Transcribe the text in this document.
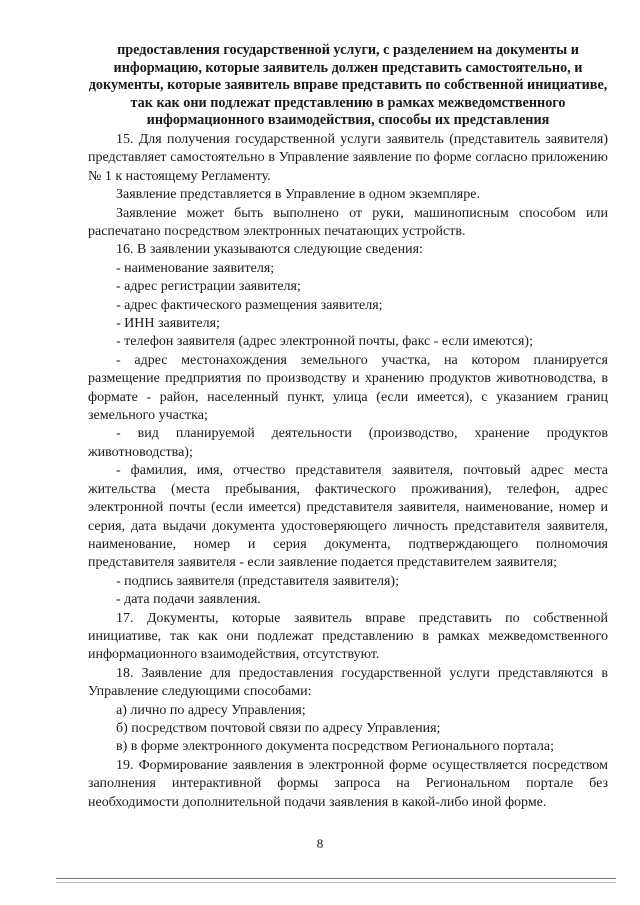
предоставления государственной услуги, с разделением на документы и информацию, которые заявитель должен представить самостоятельно, и документы, которые заявитель вправе представить по собственной инициативе, так как они подлежат представлению в рамках межведомственного информационного взаимодействия, способы их представления

15. Для получения государственной услуги заявитель (представитель заявителя) представляет самостоятельно в Управление заявление по форме согласно приложению № 1 к настоящему Регламенту.

Заявление представляется в Управление в одном экземпляре.

Заявление может быть выполнено от руки, машинописным способом или распечатано посредством электронных печатающих устройств.

16. В заявлении указываются следующие сведения:

- наименование заявителя;

- адрес регистрации заявителя;

- адрес фактического размещения заявителя;

- ИНН заявителя;

- телефон заявителя (адрес электронной почты, факс - если имеются);

- адрес местонахождения земельного участка, на котором планируется размещение предприятия по производству и хранению продуктов животноводства, в формате - район, населенный пункт, улица (если имеется), с указанием границ земельного участка;

- вид планируемой деятельности (производство, хранение продуктов животноводства);

- фамилия, имя, отчество представителя заявителя, почтовый адрес места жительства (места пребывания, фактического проживания), телефон, адрес электронной почты (если имеется) представителя заявителя, наименование, номер и серия, дата выдачи документа удостоверяющего личность представителя заявителя, наименование, номер и серия документа, подтверждающего полномочия представителя заявителя - если заявление подается представителем заявителя;

- подпись заявителя (представителя заявителя);

- дата подачи заявления.

17. Документы, которые заявитель вправе представить по собственной инициативе, так как они подлежат представлению в рамках межведомственного информационного взаимодействия, отсутствуют.

18. Заявление для предоставления государственной услуги представляются в Управление следующими способами:

а) лично по адресу Управления;

б) посредством почтовой связи по адресу Управления;

в) в форме электронного документа посредством Регионального портала;

19. Формирование заявления в электронной форме осуществляется посредством заполнения интерактивной формы запроса на Региональном портале без необходимости дополнительной подачи заявления в какой-либо иной форме.

8
